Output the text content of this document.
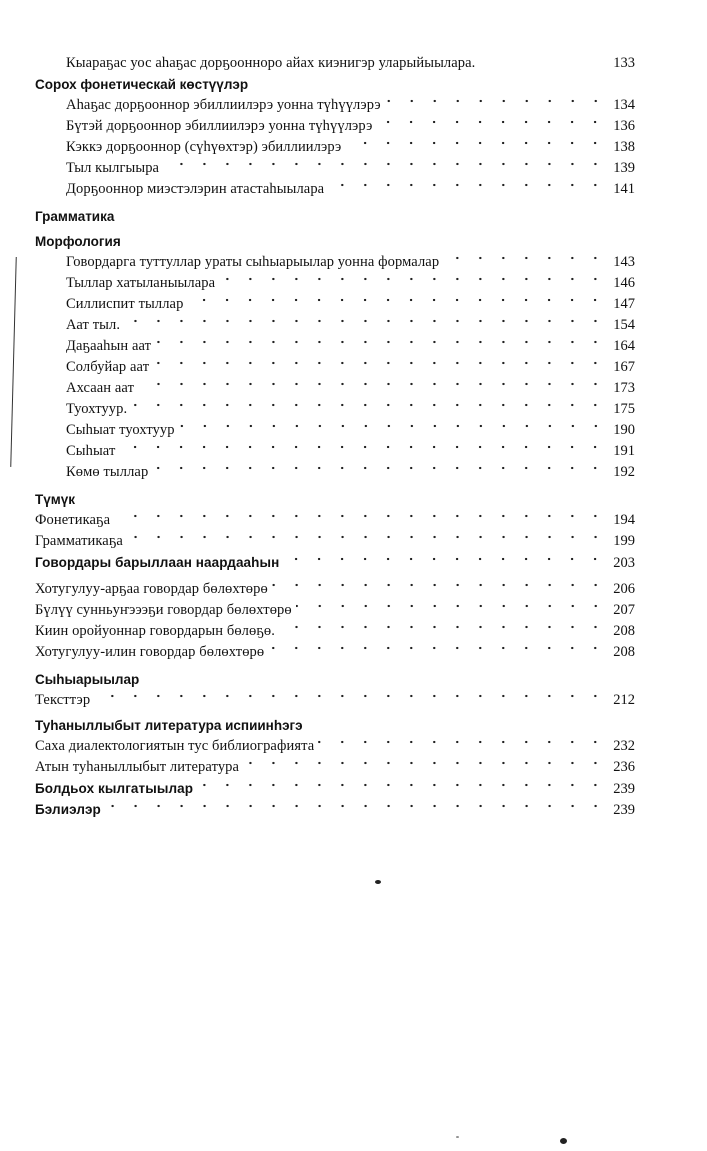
Кыараҕас уос аһаҕас дорҕооннoро айах киэнигэр уларыйыылара.	133
Сорох фонетическай көстүүлэр
Аһаҕас дорҕооннор эбиллиилэрэ уонна түһүүлэрэ	134
Бүтэй дорҕооннор эбиллиилэрэ уонна түһүүлэрэ	136
Кэккэ дорҕооннор (сүһүөхтэр) эбиллиилэрэ	138
Тыл кылгыыра	139
Дорҕооннор миэстэлэрин атастаһыылара	141
Грамматика
Морфология
Говордарга туттуллар ураты сыһыарыылар уонна формалар	143
Тыллар хатыланыылара	146
Силлиспит тыллар	147
Аат тыл.	154
Даҕааһын аат	164
Солбуйар аат	167
Ахсаан аат	173
Туохтуур.	175
Сыһыат туохтуур	190
Сыһыат	191
Көмө тыллар	192
Түмүк
Фонетикаҕа	194
Грамматикаҕа	199
Говордары барыллаан наардааһын	203
Хотугулуу-арҕаа говордар бөлөхтөрө	206
Бүлүү сунньуҥэээҕи говордар бөлөхтөрө	207
Киин оройуоннар говордарын бөлөҕө.	208
Хотугулуу-илин говордар бөлөхтөрө	208
Сыһыарыылар
Тексттэр	212
Туһаныллыбыт литература испиинһэгэ
Саха диалектологиятын тус библиографията	232
Атын туһаныллыбыт литература	236
Болдьох кылгатыылар	239
Бэлиэлэр	239
